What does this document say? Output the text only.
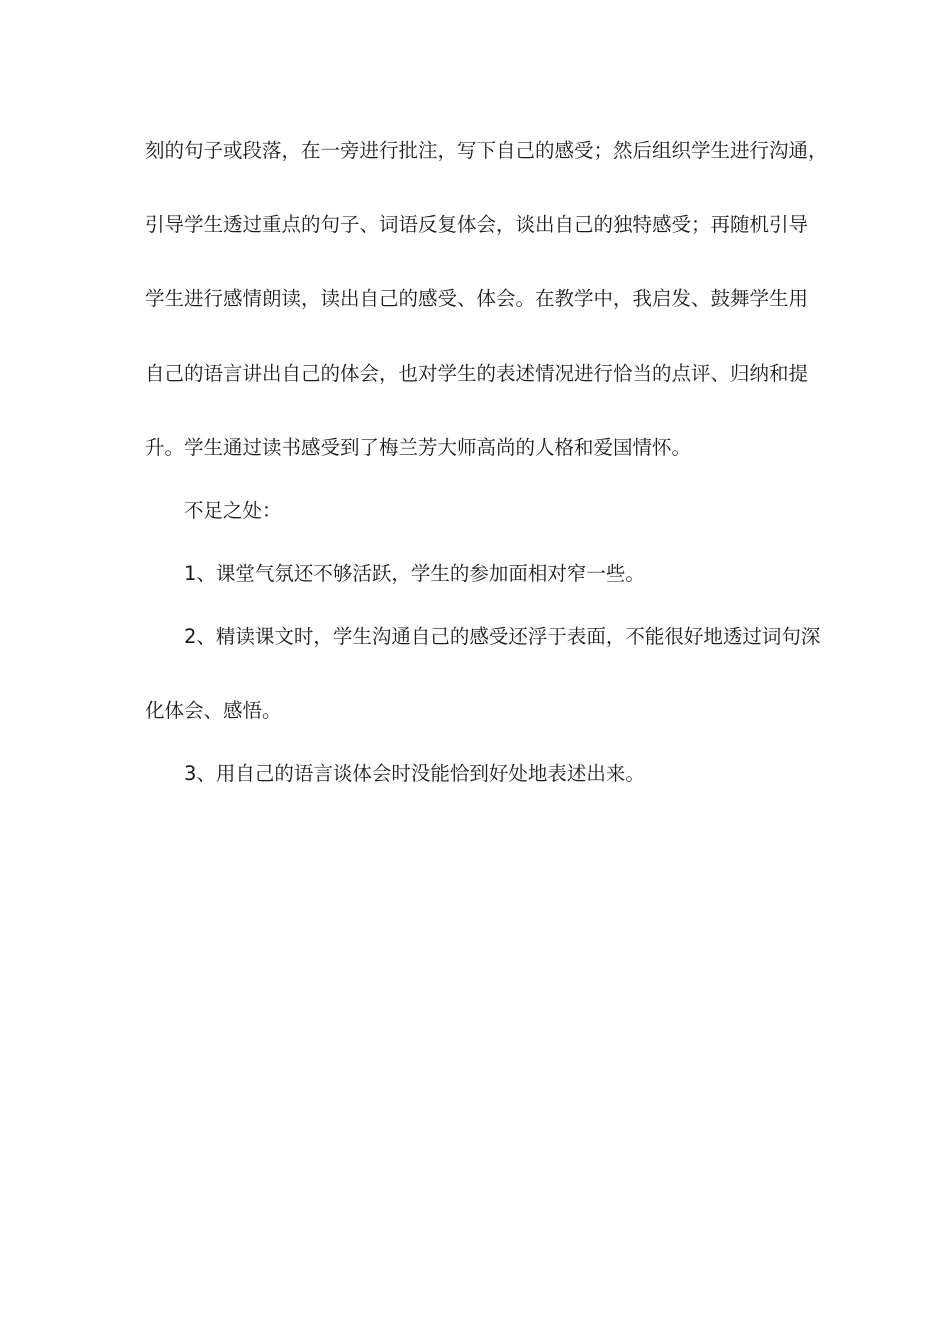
刻的句子或段落，在一旁进行批注，写下自己的感受；然后组织学生进行沟通，
引导学生透过重点的句子、词语反复体会，谈出自己的独特感受；再随机引导
学生进行感情朗读，读出自己的感受、体会。在教学中，我启发、鼓舞学生用
自己的语言讲出自己的体会，也对学生的表述情况进行恰当的点评、归纳和提
升。学生通过读书感受到了梅兰芳大师高尚的人格和爱国情怀。
不足之处：
1、课堂气氛还不够活跃，学生的参加面相对窄一些。
2、精读课文时，学生沟通自己的感受还浮于表面，不能很好地透过词句深
化体会、感悟。
3、用自己的语言谈体会时没能恰到好处地表述出来。
